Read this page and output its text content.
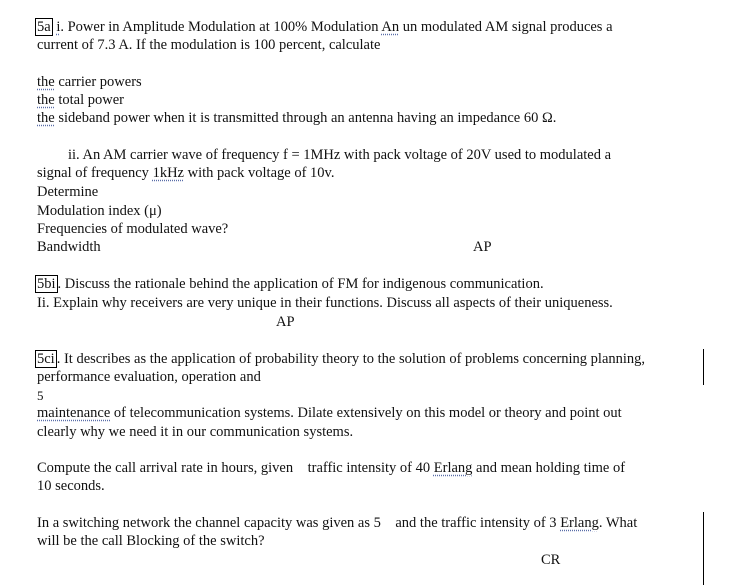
5a i. Power in Amplitude Modulation at 100% Modulation An un modulated AM signal produces a
current of 7.3 A. If the modulation is 100 percent, calculate
the carrier powers
the total power
the sideband power when it is transmitted through an antenna having an impedance 60 Ω.
ii. An AM carrier wave of frequency f = 1MHz with pack voltage of 20V used to modulated a
signal of frequency 1kHz with pack voltage of 10v.
Determine
Modulation index (μ)
Frequencies of modulated wave?
Bandwidth	AP
5bi . Discuss the rationale behind the application of FM for indigenous communication.
Ii. Explain why receivers are very unique in their functions. Discuss all aspects of their uniqueness.
AP
5ci . It describes as the application of probability theory to the solution of problems concerning planning,
performance evaluation, operation and
5
maintenance of telecommunication systems. Dilate extensively on this model or theory and point out
clearly why we need it in our communication systems.
Compute the call arrival rate in hours, given    traffic intensity of 40 Erlang and mean holding time of
10 seconds.
In a switching network the channel capacity was given as 5    and the traffic intensity of 3 Erlang. What
will be the call Blocking of the switch?
CR
